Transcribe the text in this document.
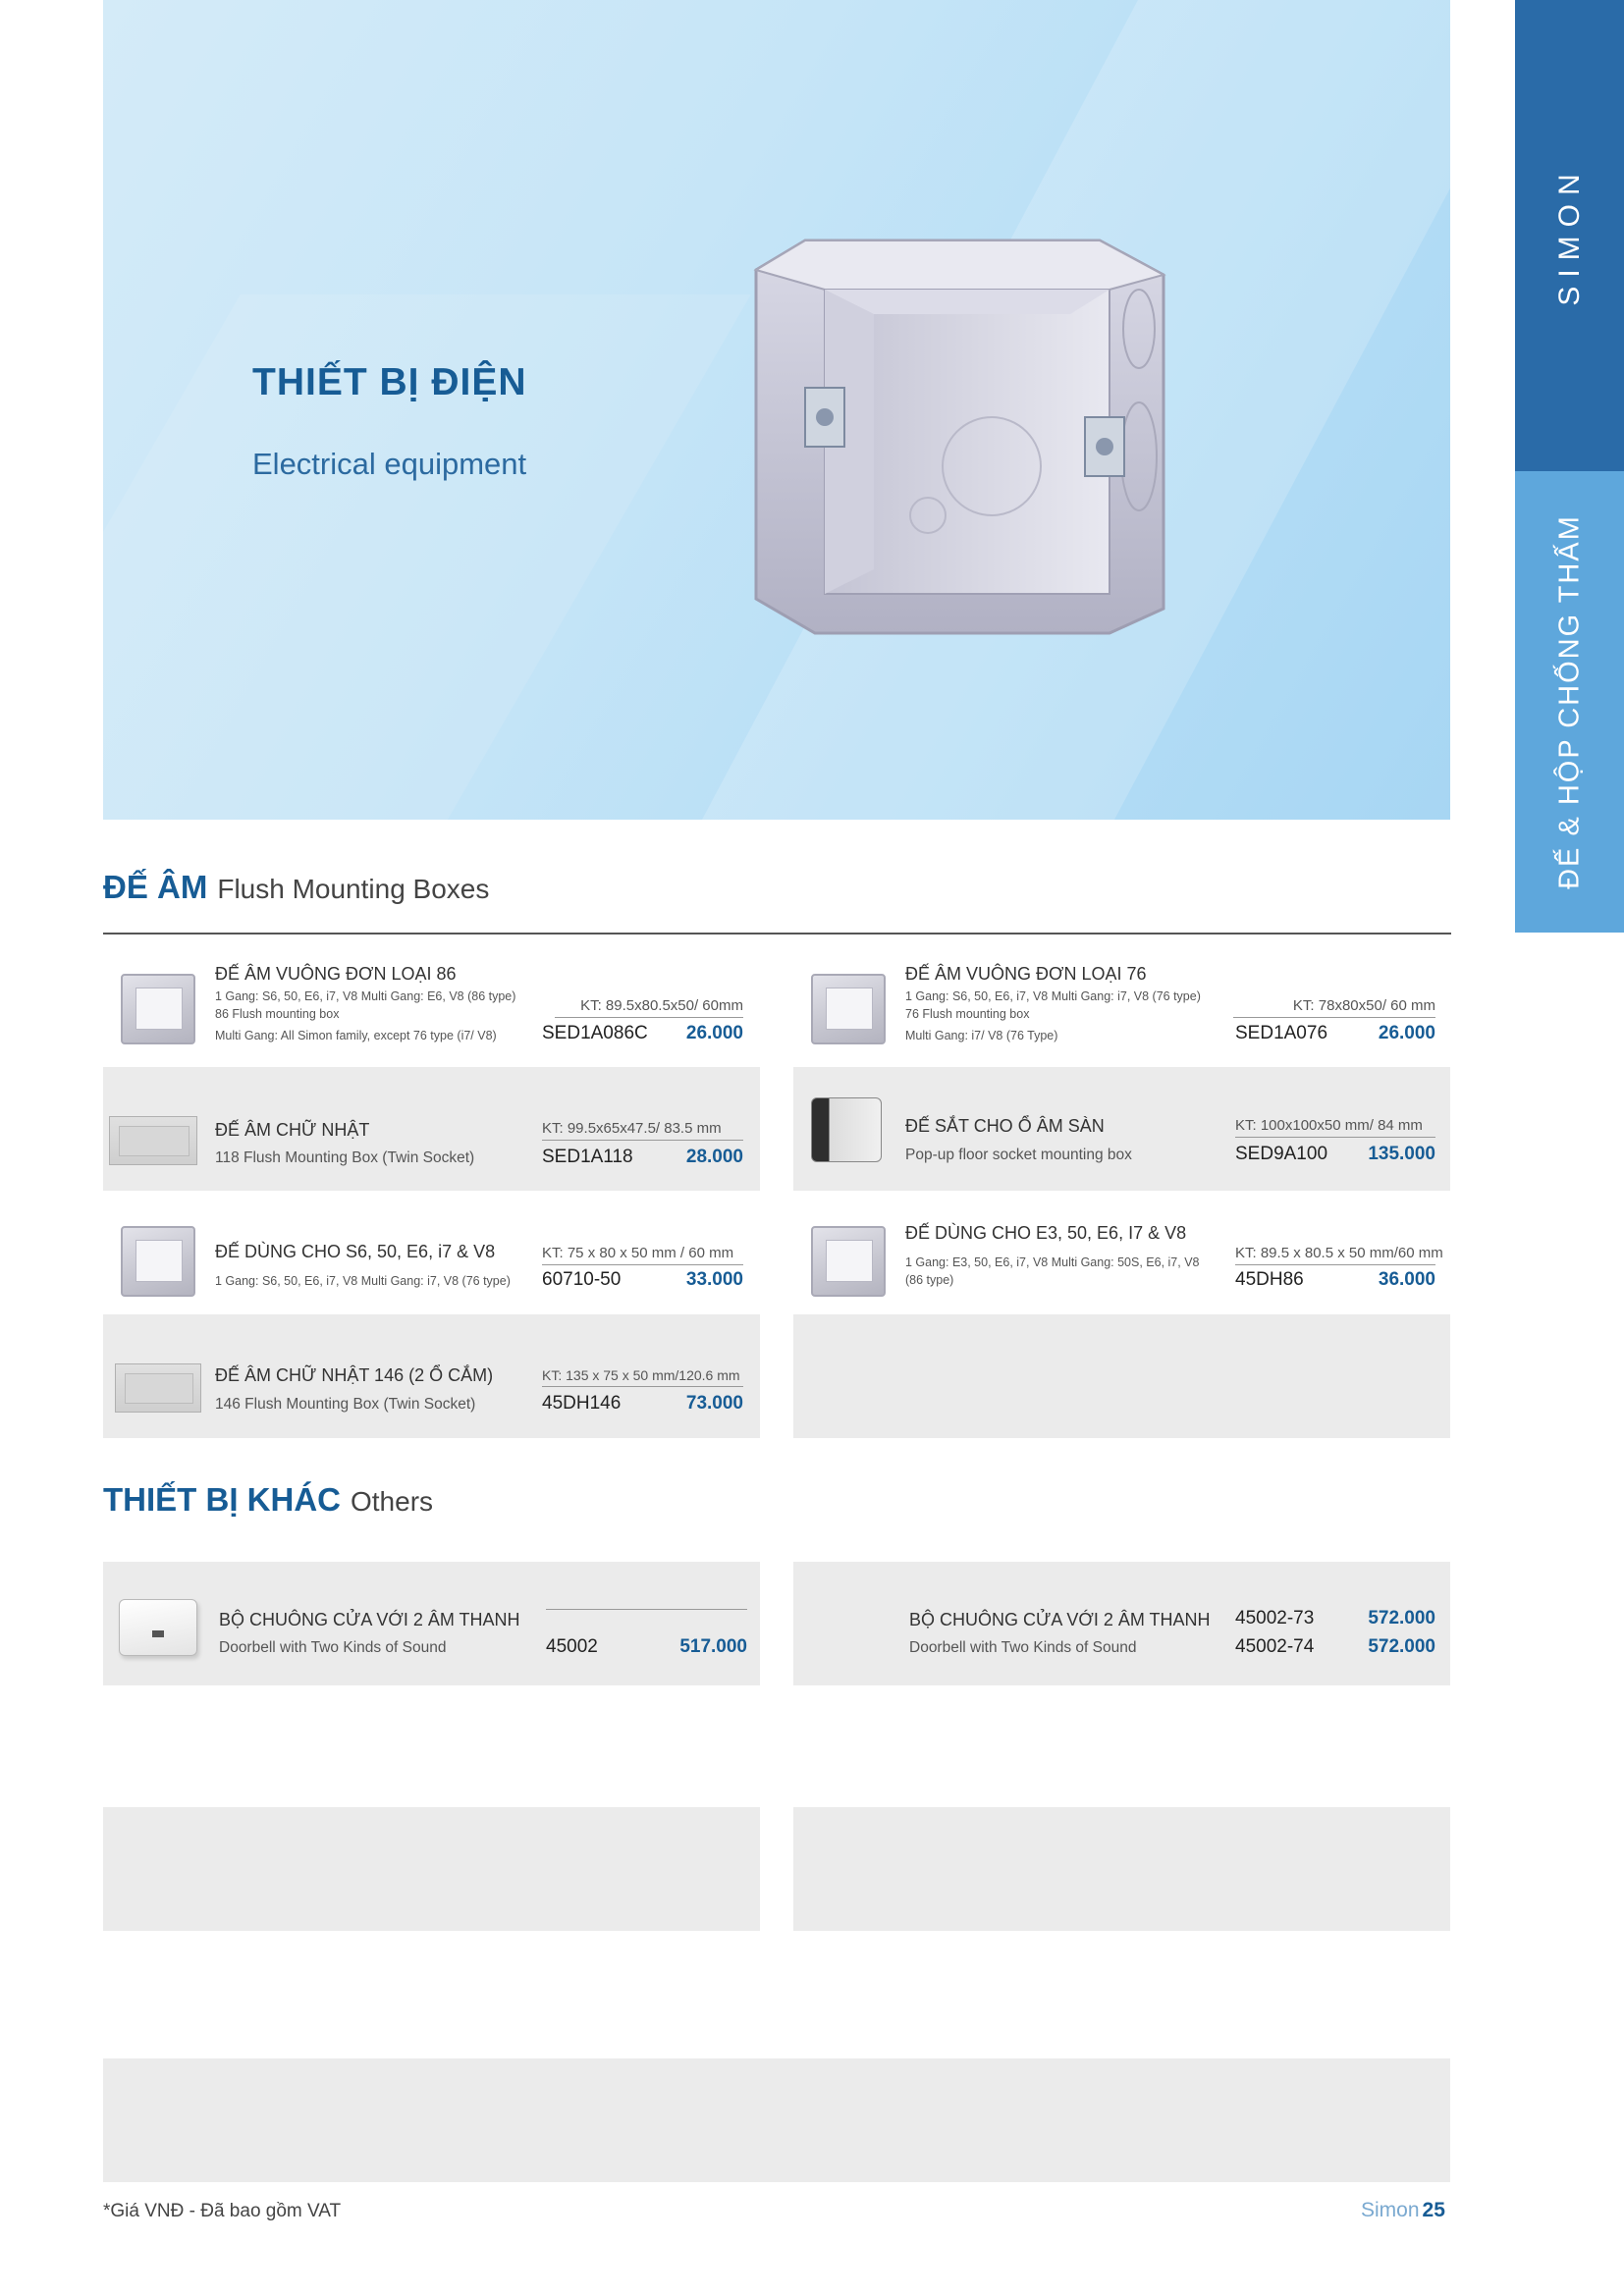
THIẾT BỊ ĐIỆN
Electrical equipment
SIMON
ĐẾ & HỘP CHỐNG THẤM
ĐẾ ÂM Flush Mounting Boxes
ĐẾ ÂM VUÔNG ĐƠN LOẠI 86
1 Gang: S6, 50, E6, i7, V8 Multi Gang: E6, V8 (86 type)
86 Flush mounting box
Multi Gang: All Simon family, except 76 type (i7/ V8)
KT: 89.5x80.5x50/ 60mm
SED1A086C	26.000
ĐẾ ÂM VUÔNG ĐƠN LOẠI 76
1 Gang: S6, 50, E6, i7, V8 Multi Gang: i7, V8 (76 type)
76 Flush mounting box
Multi Gang: i7/ V8 (76 Type)
KT: 78x80x50/ 60 mm
SED1A076	26.000
ĐẾ ÂM CHỮ NHẬT
118 Flush Mounting Box (Twin Socket)
KT: 99.5x65x47.5/ 83.5 mm
SED1A118	28.000
ĐẾ SẮT CHO Ổ ÂM SÀN
Pop-up floor socket mounting box
KT: 100x100x50 mm/ 84 mm
SED9A100	135.000
ĐẾ DÙNG CHO S6, 50, E6, i7 & V8
1 Gang: S6, 50, E6, i7, V8 Multi Gang: i7, V8 (76 type)
KT: 75 x 80 x 50 mm / 60 mm
60710-50	33.000
ĐẾ DÙNG CHO E3, 50, E6, I7 & V8
1 Gang: E3, 50, E6, i7, V8 Multi Gang: 50S, E6, i7, V8
(86 type)
KT: 89.5 x 80.5 x 50 mm/60 mm
45DH86	36.000
ĐẾ ÂM CHỮ NHẬT 146 (2 Ổ CẮM)
146 Flush Mounting Box (Twin Socket)
KT: 135 x 75 x 50 mm/120.6 mm
45DH146	73.000
THIẾT BỊ KHÁC Others
BỘ CHUÔNG CỬA VỚI 2 ÂM THANH
Doorbell with Two Kinds of Sound	45002	517.000
BỘ CHUÔNG CỬA VỚI 2 ÂM THANH
Doorbell with Two Kinds of Sound
45002-73	572.000
45002-74	572.000
*Giá VNĐ - Đã bao gồm VAT	Simon 25
